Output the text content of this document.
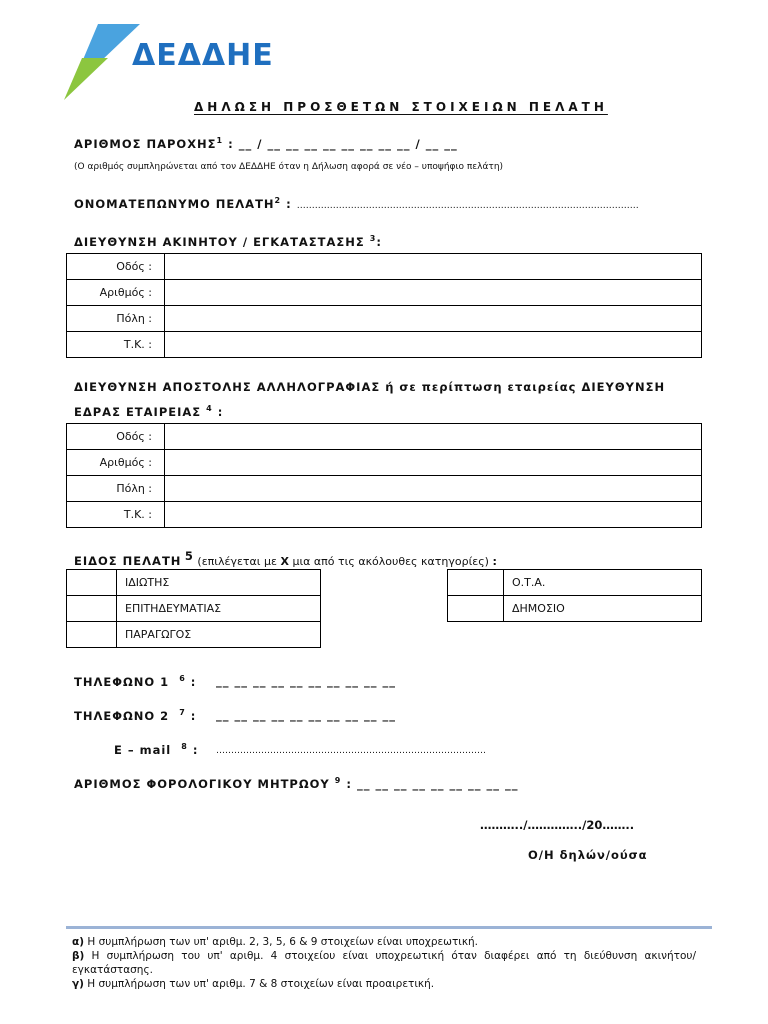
ΔΕΔΔΗΕ
ΔΗΛΩΣΗ ΠΡΟΣΘΕΤΩΝ ΣΤΟΙΧΕΙΩΝ ΠΕΛΑΤΗ
ΑΡΙΘΜΟΣ ΠΑΡΟΧΗΣ$^1$ : __ / __ __ __ __ __ __ __ __ / __ __
(Ο αριθμός συμπληρώνεται από τον ΔΕΔΔΗΕ όταν η Δήλωση αφορά σε νέο – υποψήφιο πελάτη)
ΟΝΟΜΑΤΕΠΩΝΥΜΟ ΠΕΛΑΤΗ$^2$ : ……………………………………………………………………………………………………
ΔΙΕΥΘΥΝΣΗ ΑΚΙΝΗΤΟΥ / ΕΓΚΑΤΑΣΤΑΣΗΣ $^3$:
Οδός :	
Αριθμός :	
Πόλη :	
Τ.Κ. :	
ΔΙΕΥΘΥΝΣΗ ΑΠΟΣΤΟΛΗΣ ΑΛΛΗΛΟΓΡΑΦΙΑΣ ή σε περίπτωση εταιρείας ΔΙΕΥΘΥΝΣΗ
ΕΔΡΑΣ ΕΤΑΙΡΕΙΑΣ $^4$ :
Οδός :	
Αριθμός :	
Πόλη :	
Τ.Κ. :	
ΕΙΔΟΣ ΠΕΛΑΤΗ $^5$ (επιλέγεται με X μια από τις ακόλουθες κατηγορίες) :
	ΙΔΙΩΤΗΣ
	ΕΠΙΤΗΔΕΥΜΑΤΙΑΣ
	ΠΑΡΑΓΩΓΟΣ
	Ο.Τ.Α.
	ΔΗΜΟΣΙΟ
ΤΗΛΕΦΩΝΟ 1 $^6$ : __ __ __ __ __ __ __ __ __ __
ΤΗΛΕΦΩΝΟ 2 $^7$ : __ __ __ __ __ __ __ __ __ __
E – mail $^8$ : ………………………………………………………………………………
ΑΡΙΘΜΟΣ ΦΟΡΟΛΟΓΙΚΟΥ ΜΗΤΡΩΟΥ $^9$ : __ __ __ __ __ __ __ __ __
………../…………../20……..
Ο/Η δηλών/ούσα
α) Η συμπλήρωση των υπ' αριθμ. 2, 3, 5, 6 & 9 στοιχείων είναι υποχρεωτική.
β) Η συμπλήρωση του υπ' αριθμ. 4 στοιχείου είναι υποχρεωτική όταν διαφέρει από τη διεύθυνση ακινήτου/εγκατάστασης.
γ) Η συμπλήρωση των υπ' αριθμ. 7 & 8 στοιχείων είναι προαιρετική.
